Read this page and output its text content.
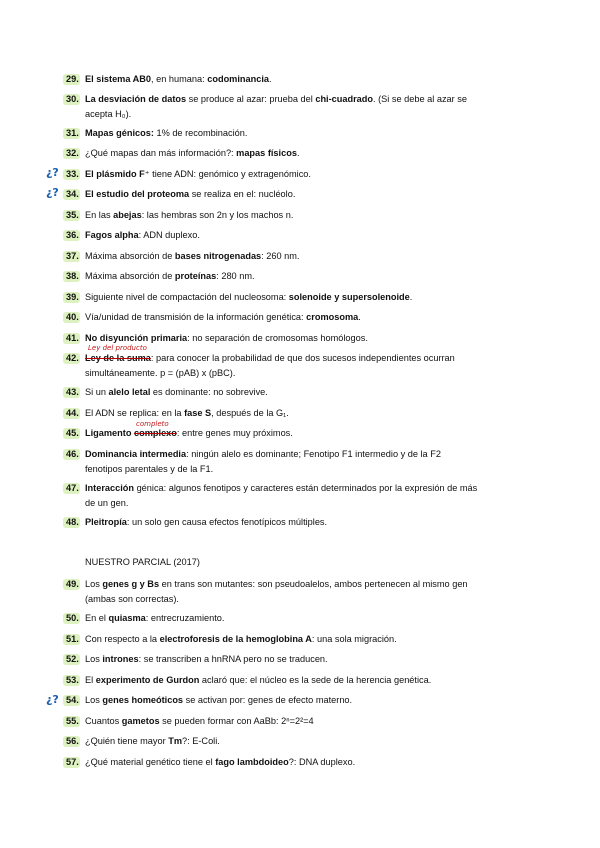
29. El sistema AB0, en humana: codominancia.
30. La desviación de datos se produce al azar: prueba del chi-cuadrado. (Si se debe al azar se
acepta H₀).
31. Mapas génicos: 1% de recombinación.
32. ¿Qué mapas dan más información?: mapas físicos.
33. El plásmido F⁺ tiene ADN: genómico y extragenómico.
34. El estudio del proteoma se realiza en el: nucléolo.
35. En las abejas: las hembras son 2n y los machos n.
36. Fagos alpha: ADN duplexo.
37. Máxima absorción de bases nitrogenadas: 260 nm.
38. Máxima absorción de proteínas: 280 nm.
39. Siguiente nivel de compactación del nucleosoma: solenoide y supersolenoide.
40. Vía/unidad de transmisión de la información genética: cromosoma.
41. No disyunción primaria: no separación de cromosomas homólogos.
42. Ley de la suma: para conocer la probabilidad de que dos sucesos independientes ocurran
simultáneamente. p = (pAB) x (pBC).
43. Si un alelo letal es dominante: no sobrevive.
44. El ADN se replica: en la fase S, después de la G₁.
45. Ligamento complexo: entre genes muy próximos.
46. Dominancia intermedia: ningún alelo es dominante; Fenotipo F1 intermedio y de la F2
fenotipos parentales y de la F1.
47. Interacción génica: algunos fenotipos y caracteres están determinados por la expresión de más
de un gen.
48. Pleitropía: un solo gen causa efectos fenotípicos múltiples.
49. Los genes g y Bs en trans son mutantes: son pseudoalelos, ambos pertenecen al mismo gen
(ambas son correctas).
50. En el quiasma: entrecruzamiento.
51. Con respecto a la electroforesis de la hemoglobina A: una sola migración.
52. Los intrones: se transcriben a hnRNA pero no se traducen.
53. El experimento de Gurdon aclaró que: el núcleo es la sede de la herencia genética.
54. Los genes homeóticos se activan por: genes de efecto materno.
55. Cuantos gametos se pueden formar con AaBb: 2ⁿ=2²=4
56. ¿Quién tiene mayor Tm?: E-Coli.
57. ¿Qué material genético tiene el fago lambdoideo?: DNA duplexo.
NUESTRO PARCIAL (2017)
¿?
¿?
¿?
Ley del producto
completo
